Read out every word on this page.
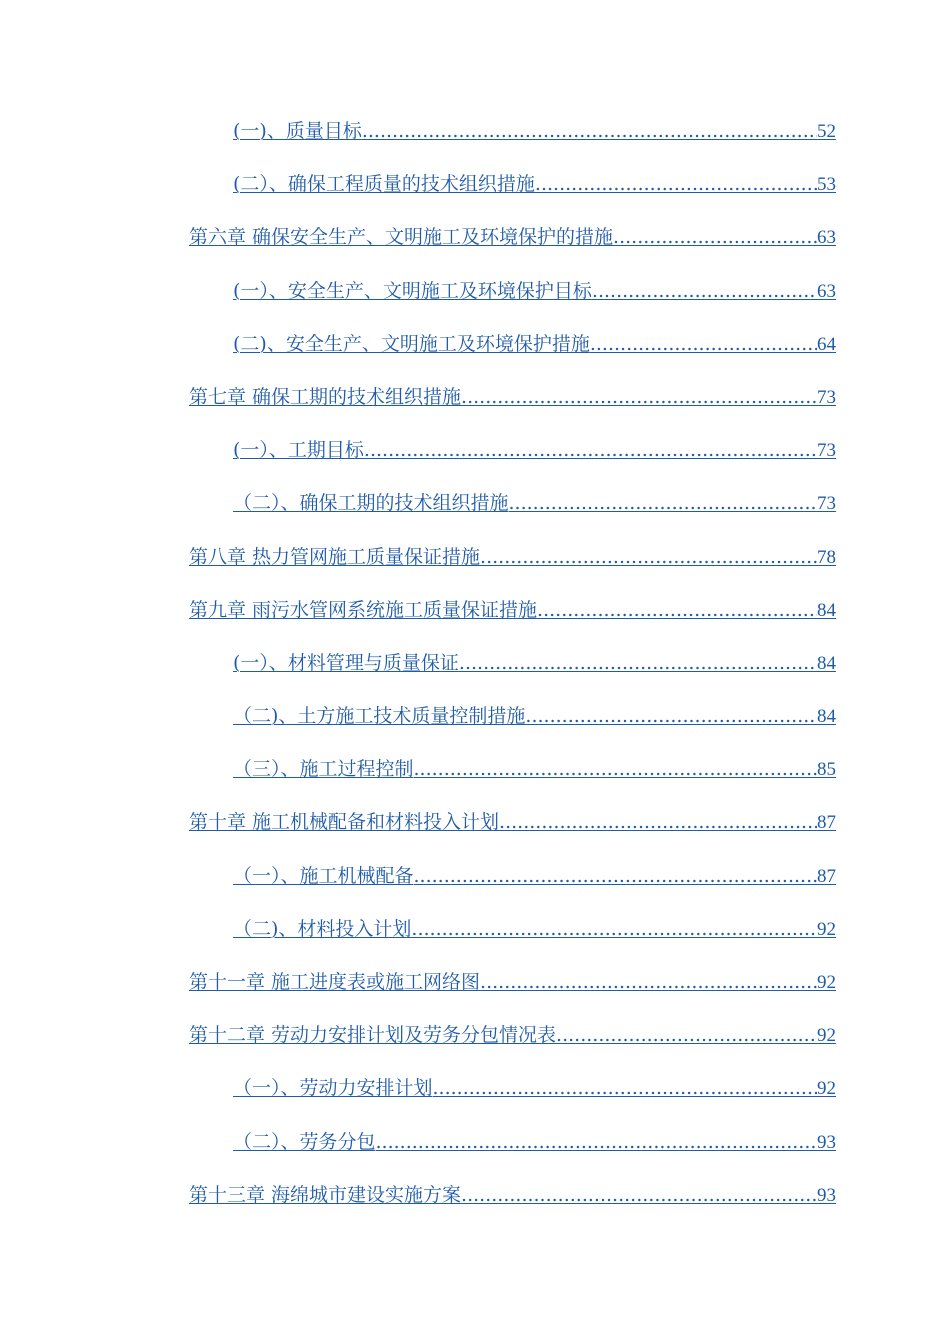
(一)、质量目标 .....	52
(二）、确保工程质量的技术组织措施 .....	53
第六章 确保安全生产、文明施工及环境保护的措施 .....	63
(一）、安全生产、文明施工及环境保护目标 .....	63
(二)、安全生产、文明施工及环境保护措施 .....	64
第七章 确保工期的技术组织措施 .....	73
(一）、工期目标 .....	73
（二）、确保工期的技术组织措施 .....	73
第八章 热力管网施工质量保证措施 .....	78
第九章 雨污水管网系统施工质量保证措施 .....	84
(一）、材料管理与质量保证 .....	84
（二)、土方施工技术质量控制措施 .....	84
（三）、施工过程控制 .....	85
第十章 施工机械配备和材料投入计划 .....	87
（一）、施工机械配备 .....	87
（二)、材料投入计划 .....	92
第十一章 施工进度表或施工网络图 .....	92
第十二章 劳动力安排计划及劳务分包情况表 .....	92
（一）、劳动力安排计划 .....	92
（二）、劳务分包 .....	93
第十三章 海绵城市建设实施方案 .....	93
